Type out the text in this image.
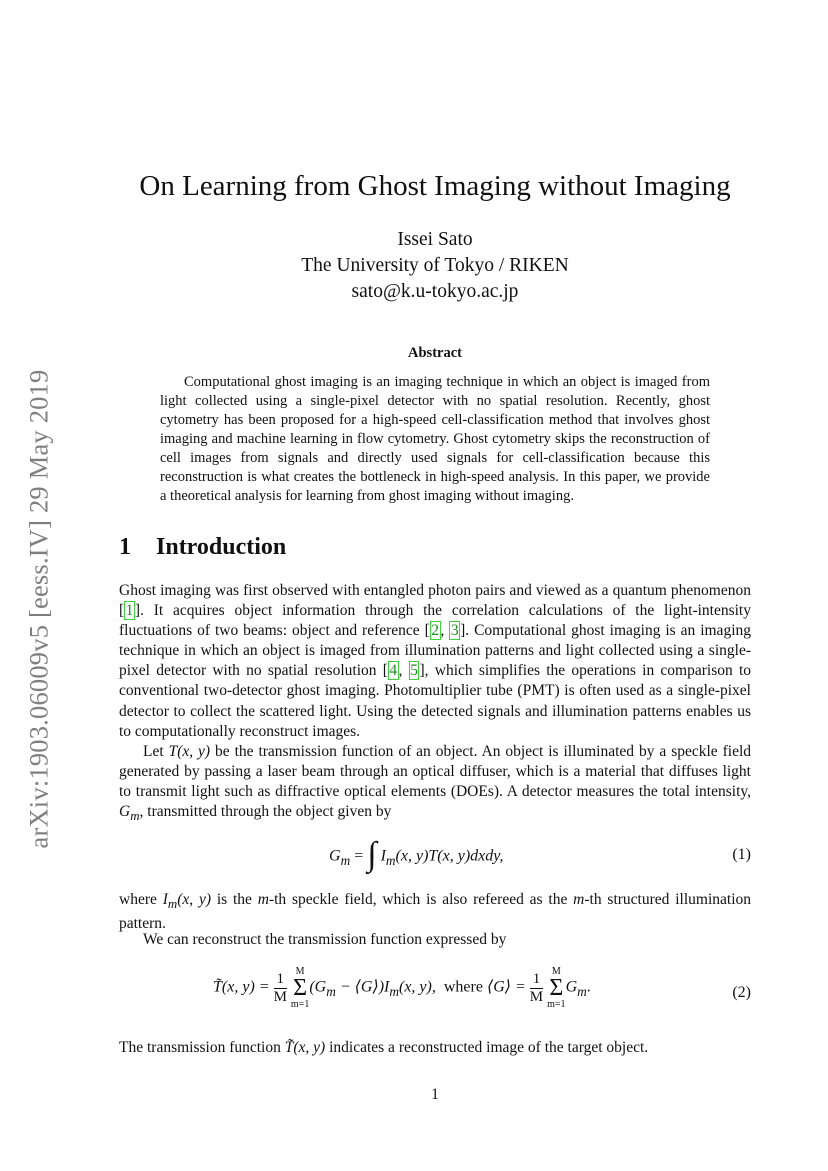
arXiv:1903.06009v5 [eess.IV] 29 May 2019
On Learning from Ghost Imaging without Imaging
Issei Sato
The University of Tokyo / RIKEN
sato@k.u-tokyo.ac.jp
Abstract
Computational ghost imaging is an imaging technique in which an object is imaged from light collected using a single-pixel detector with no spatial resolution. Recently, ghost cytometry has been proposed for a high-speed cell-classification method that involves ghost imaging and machine learning in flow cytometry. Ghost cytometry skips the reconstruction of cell images from signals and directly used signals for cell-classification because this reconstruction is what creates the bottleneck in high-speed analysis. In this paper, we provide a theoretical analysis for learning from ghost imaging without imaging.
1 Introduction
Ghost imaging was first observed with entangled photon pairs and viewed as a quantum phenomenon [1]. It acquires object information through the correlation calculations of the light-intensity fluctuations of two beams: object and reference [2, 3]. Computational ghost imaging is an imaging technique in which an object is imaged from illumination patterns and light collected using a single-pixel detector with no spatial resolution [4, 5], which simplifies the operations in comparison to conventional two-detector ghost imaging. Photomultiplier tube (PMT) is often used as a single-pixel detector to collect the scattered light. Using the detected signals and illumination patterns enables us to computationally reconstruct images.
Let T(x, y) be the transmission function of an object. An object is illuminated by a speckle field generated by passing a laser beam through an optical diffuser, which is a material that diffuses light to transmit light such as diffractive optical elements (DOEs). A detector measures the total intensity, $G_m$, transmitted through the object given by
$G_m$ = ∫ $I_m(x$, y)T(x, y)dxdy,	(1)
where $I_m(x$, y) is the m-th speckle field, which is also refereed as the m-th structured illumination pattern.
We can reconstruct the transmission function expressed by
T̃(x, $y) = \frac{1}{M}$ M
Σ
$m=1(G_m$ − $⟨G⟩)I_m(x$, y), where ⟨G⟩ = $\frac{1}{M}$ M
Σ
$m=1G_m$.	(2)
The transmission function T̃(x, y) indicates a reconstructed image of the target object.
1
